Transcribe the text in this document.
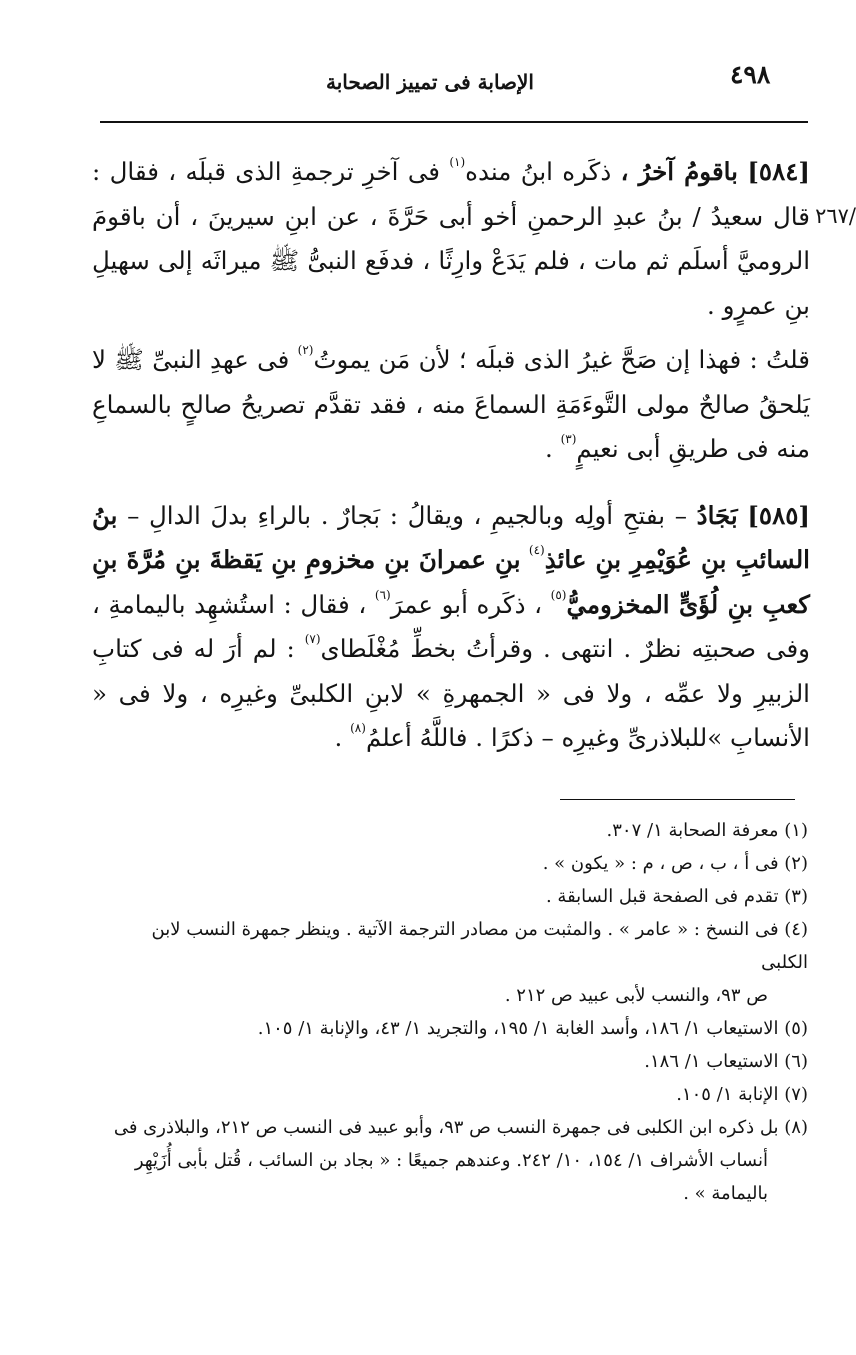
٤٩٨
الإصابة فى تمييز الصحابة
٢٦٧/

[٥٨٤] باقومُ آخرُ ، ذكَره ابنُ منده$^{(١)}$ فى آخرِ ترجمةِ الذى قبلَه ، فقال : قال سعيدُ / بنُ عبدِ الرحمنِ أخو أبى حَرَّةَ ، عن ابنِ سيرينَ ، أن باقومَ الروميَّ أسلَم ثم مات ، فلم يَدَعْ وارِثًا ، فدفَع النبىُّ ﷺ ميراثَه إلى سهيلِ بنِ عمرٍو .

قلتُ : فهذا إن صَحَّ غيرُ الذى قبلَه ؛ لأن مَن يموتُ$^{(٢)}$ فى عهدِ النبىِّ ﷺ لا يَلحقُ صالحٌ مولى التَّوءَمَةِ السماعَ منه ، فقد تقدَّم تصريحُ صالحٍ بالسماعِ منه فى طريقِ أبى نعيمٍ$^{(٣)}$ .

[٥٨٥] بَجَادُ – بفتحِ أولِه وبالجيمِ ، ويقالُ : بَجارٌ . بالراءِ بدلَ الدالِ – بنُ السائبِ بنِ عُوَيْمِرِ بنِ عائذِ$^{(٤)}$ بنِ عمرانَ بنِ مخزومِ بنِ يَقظةَ بنِ مُرَّةَ بنِ كعبِ بنِ لُؤَىٍّ المخزوميُّ$^{(٥)}$ ، ذكَره أبو عمرَ$^{(٦)}$ ، فقال : استُشهِد باليمامةِ ، وفى صحبتِه نظرٌ . انتهى . وقرأتُ بخطِّ مُغْلَطاى$^{(٧)}$ : لم أرَ له فى كتابِ الزبيرِ ولا عمِّه ، ولا فى « الجمهرةِ » لابنِ الكلبىِّ وغيرِه ، ولا فى « الأنسابِ »للبلاذرىِّ وغيرِه – ذكرًا . فاللَّهُ أعلمُ$^{(٨)}$ .

(١) معرفة الصحابة ١/ ٣٠٧.

(٢) فى أ ، ب ، ص ، م : « يكون » .

(٣) تقدم فى الصفحة قبل السابقة .

(٤) فى النسخ : « عامر » . والمثبت من مصادر الترجمة الآتية . وينظر جمهرة النسب لابن الكلبى

ص ٩٣، والنسب لأبى عبيد ص ٢١٢ .

(٥) الاستيعاب ١/ ١٨٦، وأسد الغابة ١/ ١٩٥، والتجريد ١/ ٤٣، والإنابة ١/ ١٠٥.

(٦) الاستيعاب ١/ ١٨٦.

(٧) الإنابة ١/ ١٠٥.

(٨) بل ذكره ابن الكلبى فى جمهرة النسب ص ٩٣، وأبو عبيد فى النسب ص ٢١٢، والبلاذرى فى

أنساب الأشراف ١/ ١٥٤، ١٠/ ٢٤٢. وعندهم جميعًا : « بجاد بن السائب ، قُتل بأبى أُزَيْهِر

باليمامة » .
